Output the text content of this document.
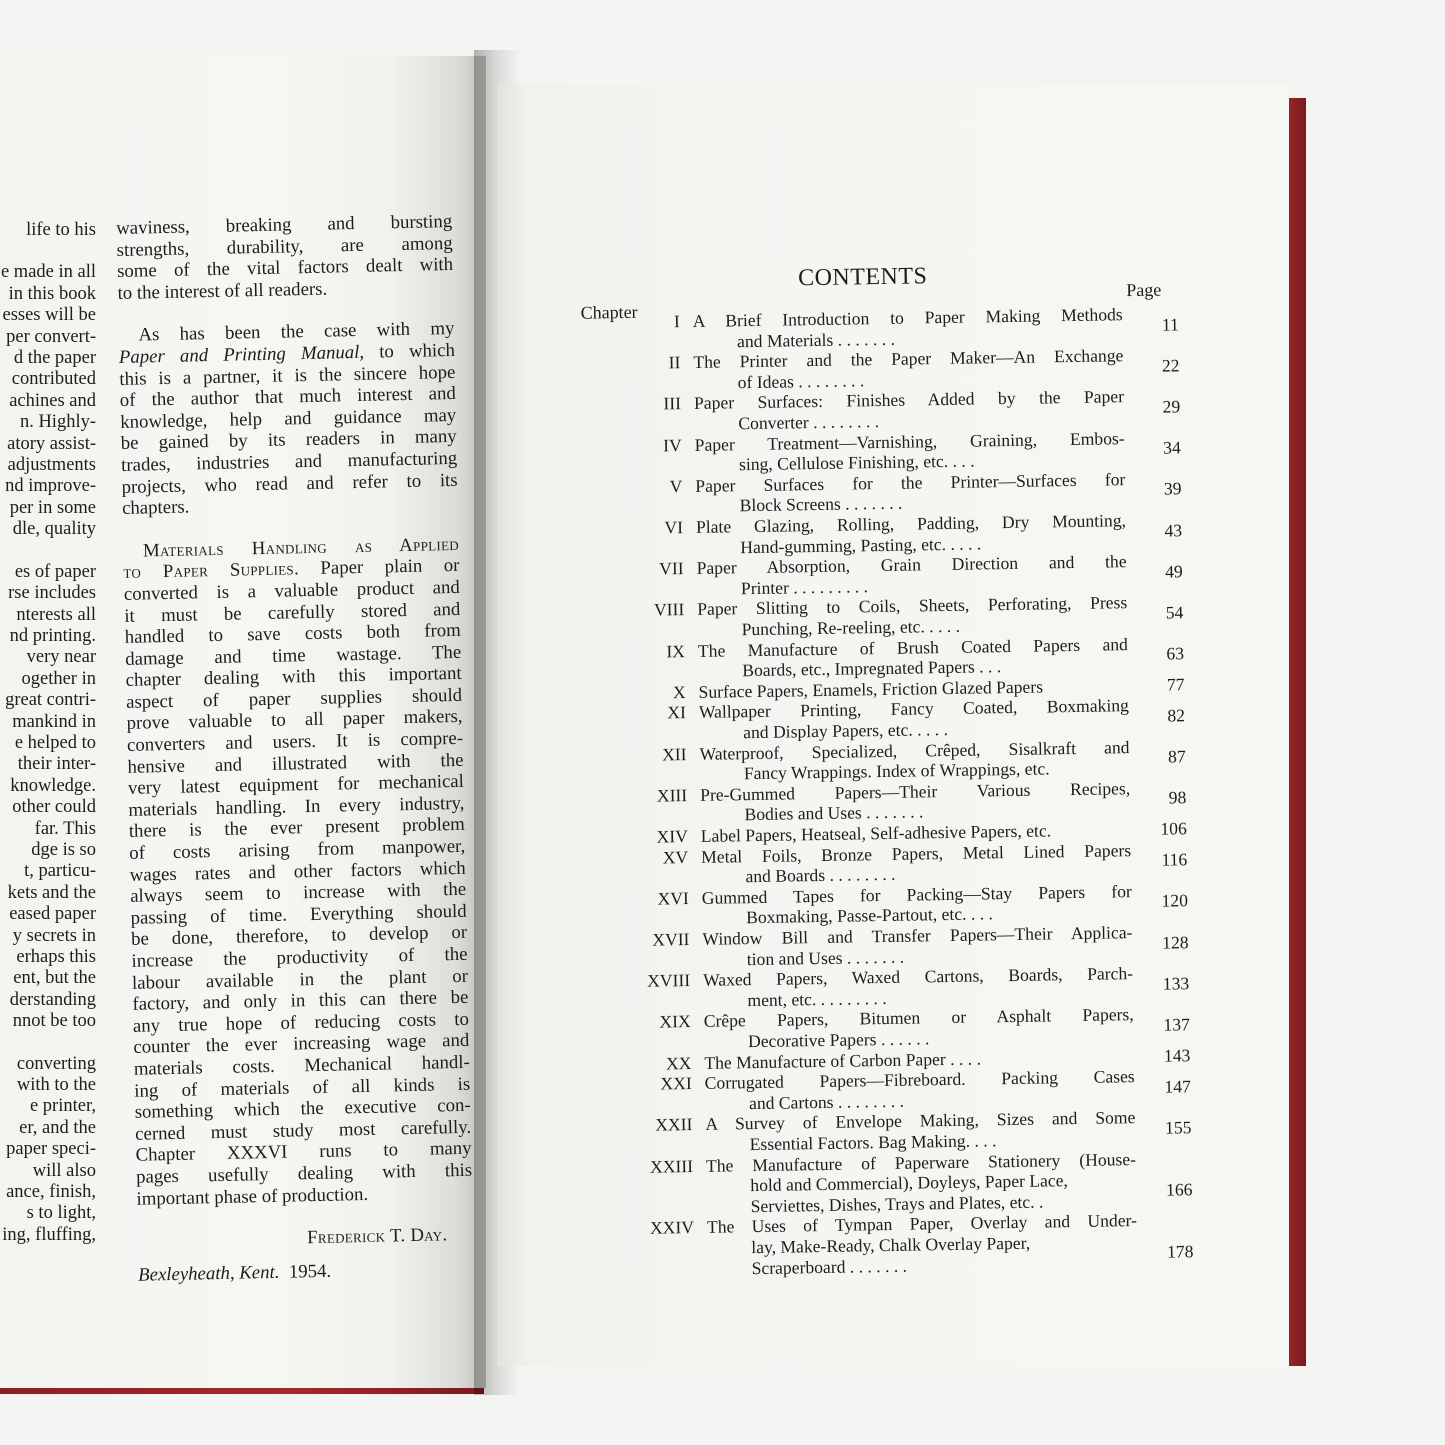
life to his
e made in all
in this book
esses will be
per convert-
d the paper
contributed
achines and
n. Highly-
atory assist-
adjustments
nd improve-
per in some
dle, quality
es of paper
rse includes
nterests all
nd printing.
very near
ogether in
great contri-
mankind in
e helped to
their inter-
knowledge.
other could
far. This
dge is so
t, particu-
kets and the
eased paper
y secrets in
erhaps this
ent, but the
derstanding
nnot be too
converting
with to the
e printer,
er, and the
paper speci-
will also
ance, finish,
s to light,
ing, fluffing,
waviness, breaking and bursting
strengths, durability, are among
some of the vital factors dealt with
to the interest of all readers.
As has been the case with my
Paper and Printing Manual, to which
this is a partner, it is the sincere hope
of the author that much interest and
knowledge, help and guidance may
be gained by its readers in many
trades, industries and manufacturing
projects, who read and refer to its
chapters.
Materials Handling as Applied
to Paper Supplies. Paper plain or
converted is a valuable product and
it must be carefully stored and
handled to save costs both from
damage and time wastage. The
chapter dealing with this important
aspect of paper supplies should
prove valuable to all paper makers,
converters and users. It is compre-
hensive and illustrated with the
very latest equipment for mechanical
materials handling. In every industry,
there is the ever present problem
of costs arising from manpower,
wages rates and other factors which
always seem to increase with the
passing of time. Everything should
be done, therefore, to develop or
increase the productivity of the
labour available in the plant or
factory, and only in this can there be
any true hope of reducing costs to
counter the ever increasing wage and
materials costs. Mechanical handl-
ing of materials of all kinds is
something which the executive con-
cerned must study most carefully.
Chapter XXXVI runs to many
pages usefully dealing with this
important phase of production.
Frederick T. Day.
Bexleyheath, Kent. 1954.
CONTENTS
Chapter
Page
I A Brief Introduction to Paper Making Methods
and Materials . . . . . . .
11
II The Printer and the Paper Maker—An Exchange
of Ideas . . . . . . . .
22
III Paper Surfaces: Finishes Added by the Paper
Converter . . . . . . . .
29
IV Paper Treatment—Varnishing, Graining, Embos-
sing, Cellulose Finishing, etc. . . .
34
V Paper Surfaces for the Printer—Surfaces for
Block Screens . . . . . . .
39
VI Plate Glazing, Rolling, Padding, Dry Mounting,
Hand-gumming, Pasting, etc. . . . .
43
VII Paper Absorption, Grain Direction and the
Printer . . . . . . . . .
49
VIII Paper Slitting to Coils, Sheets, Perforating, Press
Punching, Re-reeling, etc. . . . .
54
IX The Manufacture of Brush Coated Papers and
Boards, etc., Impregnated Papers . . .
63
X Surface Papers, Enamels, Friction Glazed Papers	77
XI Wallpaper Printing, Fancy Coated, Boxmaking
and Display Papers, etc. . . . .
82
XII Waterproof, Specialized, Crêped, Sisalkraft and
Fancy Wrappings. Index of Wrappings, etc.
87
XIII Pre-Gummed Papers—Their Various Recipes,
Bodies and Uses . . . . . . .
98
XIV Label Papers, Heatseal, Self-adhesive Papers, etc.	106
XV Metal Foils, Bronze Papers, Metal Lined Papers
and Boards . . . . . . . .
116
XVI Gummed Tapes for Packing—Stay Papers for
Boxmaking, Passe-Partout, etc. . . .
120
XVII Window Bill and Transfer Papers—Their Applica-
tion and Uses . . . . . . .
128
XVIII Waxed Papers, Waxed Cartons, Boards, Parch-
ment, etc. . . . . . . . .
133
XIX Crêpe Papers, Bitumen or Asphalt Papers,
Decorative Papers . . . . . .
137
XX The Manufacture of Carbon Paper . . . .	143
XXI Corrugated Papers—Fibreboard. Packing Cases
and Cartons . . . . . . . .
147
XXII A Survey of Envelope Making, Sizes and Some
Essential Factors. Bag Making. . . .
155
XXIII The Manufacture of Paperware Stationery (House-
hold and Commercial), Doyleys, Paper Lace,
Serviettes, Dishes, Trays and Plates, etc. .
166
XXIV The Uses of Tympan Paper, Overlay and Under-
lay, Make-Ready, Chalk Overlay Paper,
Scraperboard . . . . . . .
178
